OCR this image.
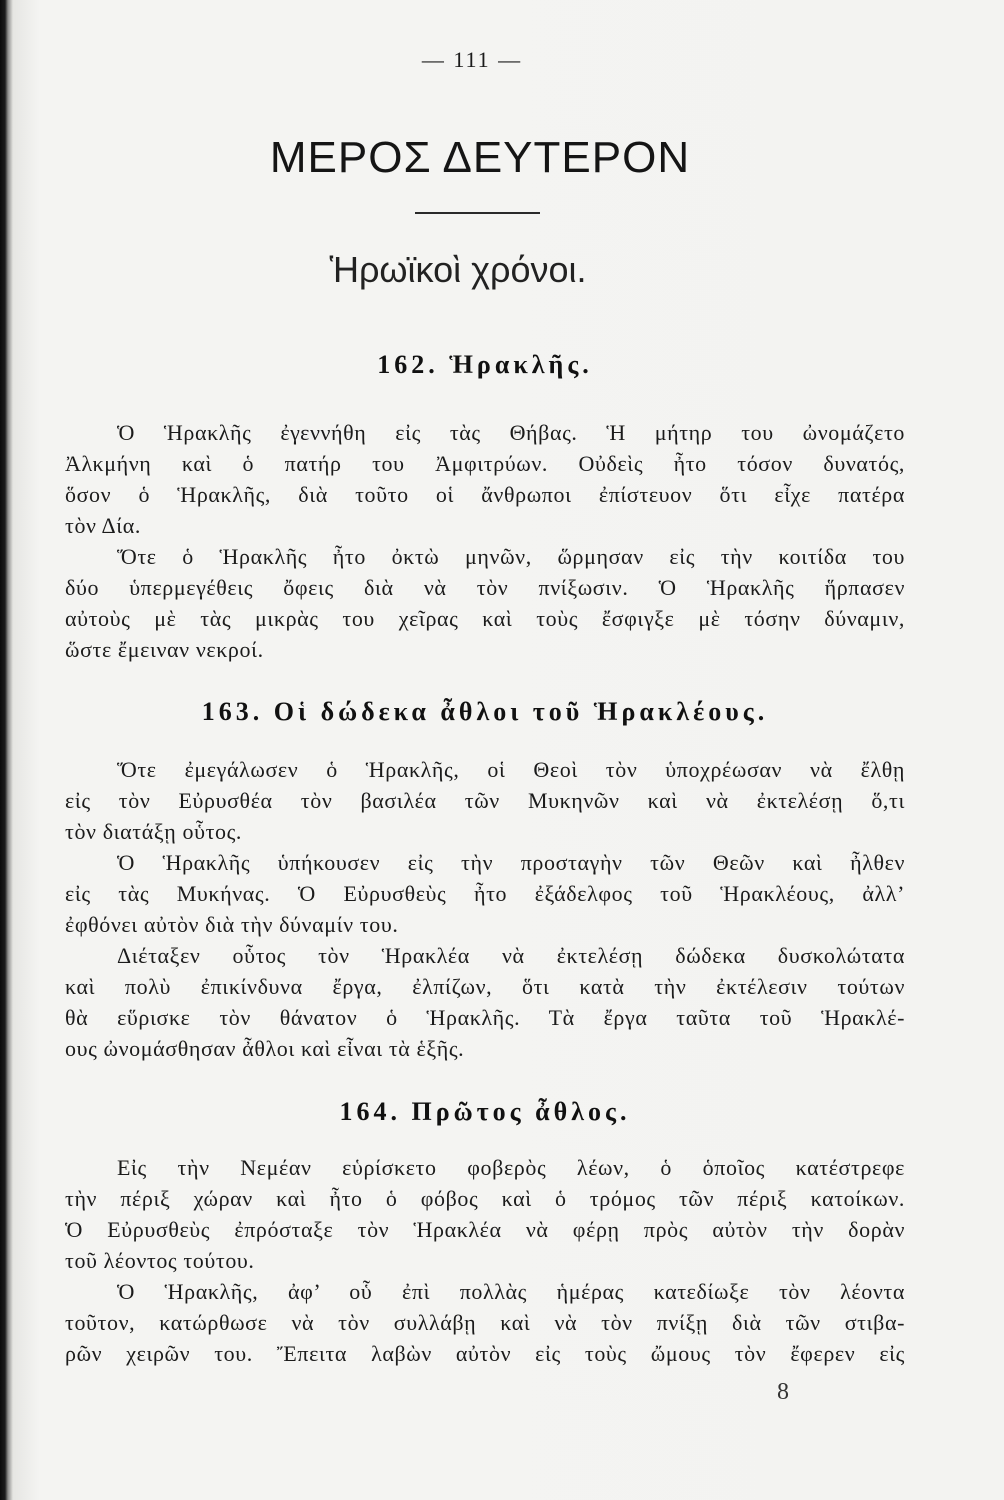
— 111 —
ΜΕΡΟΣ ΔΕΥΤΕΡΟΝ
Ἡρωϊκοὶ χρόνοι.
162. Ἡρακλῆς.
Ὁ Ἡρακλῆς ἐγεννήθη εἰς τὰς Θήβας. Ἡ μήτηρ του ὠνομάζετο
Ἀλκμήνη καὶ ὁ πατήρ του Ἀμφιτρύων. Οὐδεὶς ἦτο τόσον δυνατός,
ὅσον ὁ Ἡρακλῆς, διὰ τοῦτο οἱ ἄνθρωποι ἐπίστευον ὅτι εἶχε πατέρα
τὸν Δία.
Ὅτε ὁ Ἡρακλῆς ἦτο ὀκτὼ μηνῶν, ὥρμησαν εἰς τὴν κοιτίδα του
δύο ὑπερμεγέθεις ὄφεις διὰ νὰ τὸν πνίξωσιν. Ὁ Ἡρακλῆς ἥρπασεν
αὐτοὺς μὲ τὰς μικρὰς του χεῖρας καὶ τοὺς ἔσφιγξε μὲ τόσην δύναμιν,
ὥστε ἔμειναν νεκροί.
163. Οἱ δώδεκα ἆθλοι τοῦ Ἡρακλέους.
Ὅτε ἐμεγάλωσεν ὁ Ἡρακλῆς, οἱ Θεοὶ τὸν ὑποχρέωσαν νὰ ἔλθῃ
εἰς τὸν Εὐρυσθέα τὸν βασιλέα τῶν Μυκηνῶν καὶ νὰ ἐκτελέσῃ ὅ,τι
τὸν διατάξῃ οὗτος.
Ὁ Ἡρακλῆς ὑπήκουσεν εἰς τὴν προσταγὴν τῶν Θεῶν καὶ ἦλθεν
εἰς τὰς Μυκήνας. Ὁ Εὐρυσθεὺς ἦτο ἐξάδελφος τοῦ Ἡρακλέους, ἀλλ’
ἐφθόνει αὐτὸν διὰ τὴν δύναμίν του.
Διέταξεν οὗτος τὸν Ἡρακλέα νὰ ἐκτελέσῃ δώδεκα δυσκολώτατα
καὶ πολὺ ἐπικίνδυνα ἔργα, ἐλπίζων, ὅτι κατὰ τὴν ἐκτέλεσιν τούτων
θὰ εὕρισκε τὸν θάνατον ὁ Ἡρακλῆς. Τὰ ἔργα ταῦτα τοῦ Ἡρακλέ-
ους ὠνομάσθησαν ἆθλοι καὶ εἶναι τὰ ἑξῆς.
164. Πρῶτος ἆθλος.
Εἰς τὴν Νεμέαν εὑρίσκετο φοβερὸς λέων, ὁ ὁποῖος κατέστρεφε
τὴν πέριξ χώραν καὶ ἦτο ὁ φόβος καὶ ὁ τρόμος τῶν πέριξ κατοίκων.
Ὁ Εὐρυσθεὺς ἐπρόσταξε τὸν Ἡρακλέα νὰ φέρῃ πρὸς αὐτὸν τὴν δορὰν
τοῦ λέοντος τούτου.
Ὁ Ἡρακλῆς, ἀφ’ οὗ ἐπὶ πολλὰς ἡμέρας κατεδίωξε τὸν λέοντα
τοῦτον, κατώρθωσε νὰ τὸν συλλάβῃ καὶ νὰ τὸν πνίξῃ διὰ τῶν στιβα-
ρῶν χειρῶν του. Ἔπειτα λαβὼν αὐτὸν εἰς τοὺς ὤμους τὸν ἔφερεν εἰς
8
